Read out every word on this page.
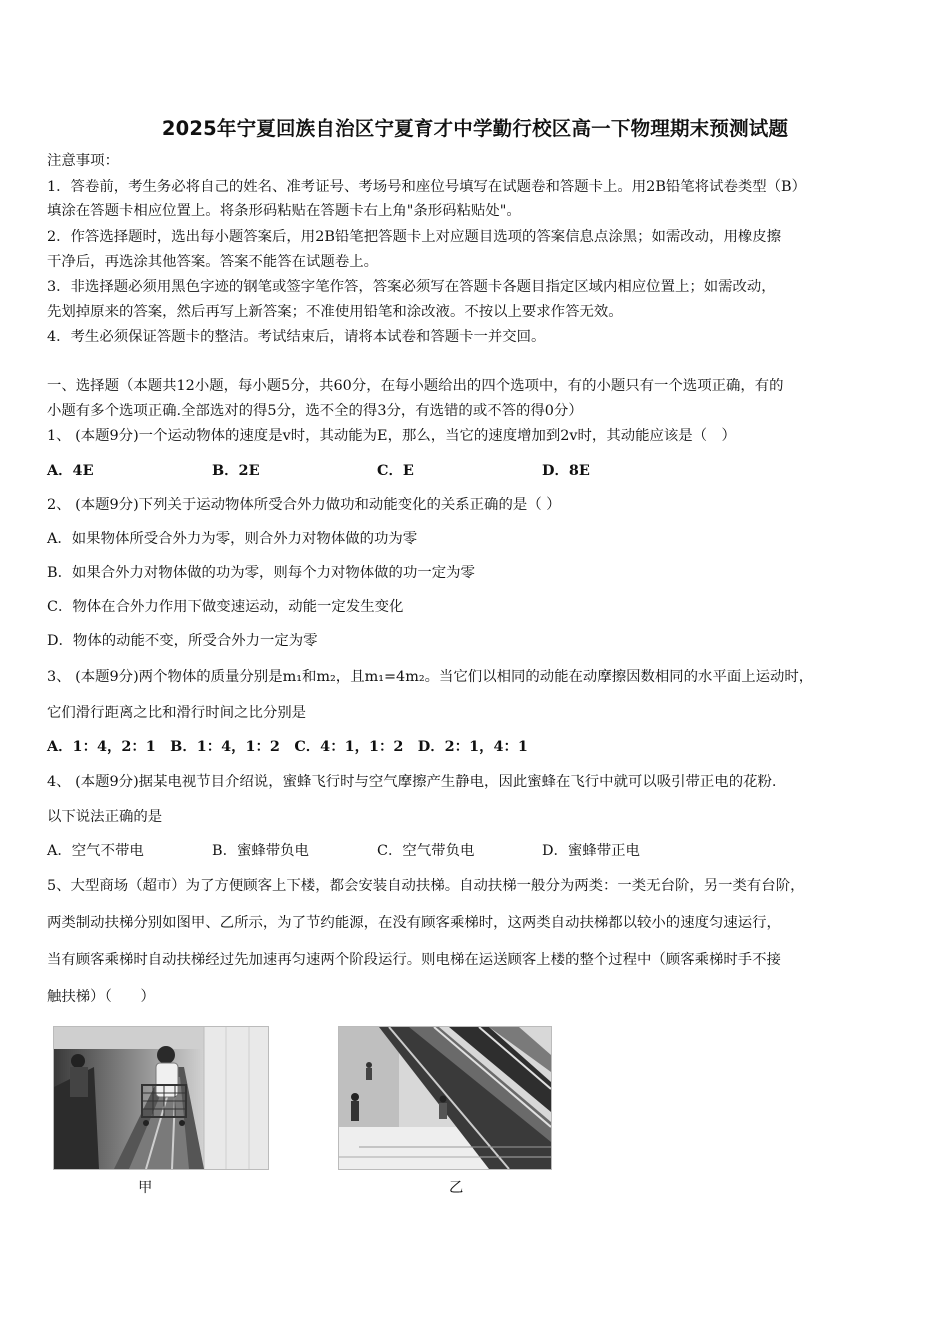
2025年宁夏回族自治区宁夏育才中学勤行校区高一下物理期末预测试题
注意事项：
1．答卷前，考生务必将自己的姓名、准考证号、考场号和座位号填写在试题卷和答题卡上。用2B铅笔将试卷类型（B）
填涂在答题卡相应位置上。将条形码粘贴在答题卡右上角"条形码粘贴处"。
2．作答选择题时，选出每小题答案后，用2B铅笔把答题卡上对应题目选项的答案信息点涂黑；如需改动，用橡皮擦
干净后，再选涂其他答案。答案不能答在试题卷上。
3．非选择题必须用黑色字迹的钢笔或签字笔作答，答案必须写在答题卡各题目指定区域内相应位置上；如需改动，
先划掉原来的答案，然后再写上新答案；不准使用铅笔和涂改液。不按以上要求作答无效。
4．考生必须保证答题卡的整洁。考试结束后，请将本试卷和答题卡一并交回。
一、选择题（本题共12小题，每小题5分，共60分，在每小题给出的四个选项中，有的小题只有一个选项正确，有的
小题有多个选项正确.全部选对的得5分，选不全的得3分，有选错的或不答的得0分）
1、 (本题9分)一个运动物体的速度是v时，其动能为E，那么，当它的速度增加到2v时，其动能应该是（　）
A．4E	B．2E	C．E	D．8E
2、 (本题9分)下列关于运动物体所受合外力做功和动能变化的关系正确的是（ ）
A．如果物体所受合外力为零，则合外力对物体做的功为零
B．如果合外力对物体做的功为零，则每个力对物体做的功一定为零
C．物体在合外力作用下做变速运动，动能一定发生变化
D．物体的动能不变，所受合外力一定为零
3、 (本题9分)两个物体的质量分别是m₁和m₂，且m₁=4m₂。当它们以相同的动能在动摩擦因数相同的水平面上运动时，
它们滑行距离之比和滑行时间之比分别是
A．1：4，2：1　B．1：4，1：2　C．4：1，1：2　D．2：1，4：1
4、 (本题9分)据某电视节目介绍说，蜜蜂飞行时与空气摩擦产生静电，因此蜜蜂在飞行中就可以吸引带正电的花粉.
以下说法正确的是
A．空气不带电	B．蜜蜂带负电	C．空气带负电	D．蜜蜂带正电
5、大型商场（超市）为了方便顾客上下楼，都会安装自动扶梯。自动扶梯一般分为两类：一类无台阶，另一类有台阶，
两类制动扶梯分别如图甲、乙所示，为了节约能源，在没有顾客乘梯时，这两类自动扶梯都以较小的速度匀速运行，
当有顾客乘梯时自动扶梯经过先加速再匀速两个阶段运行。则电梯在运送顾客上楼的整个过程中（顾客乘梯时手不接
触扶梯）（　　）
甲	乙
